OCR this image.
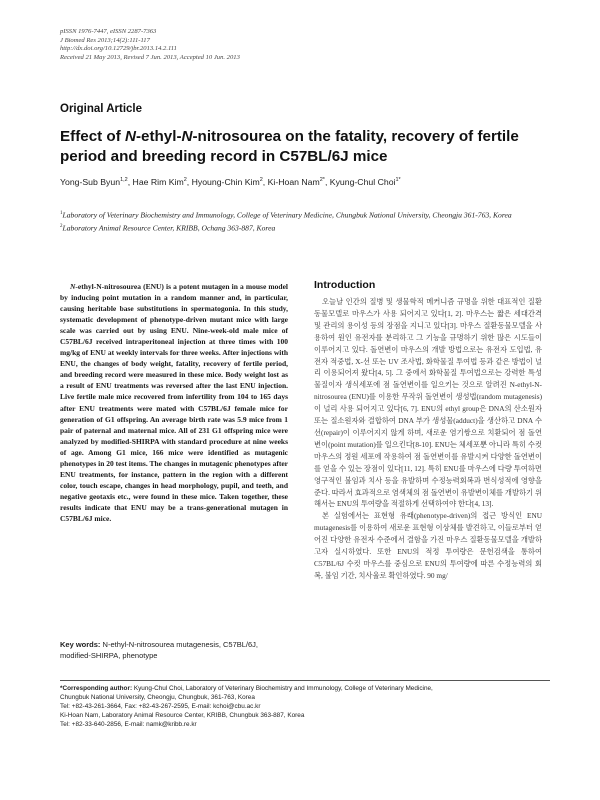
pISSN 1976-7447, eISSN 2287-7363
J Biomed Res 2013;14(2):111-117
http://dx.doi.org/10.12729/jbr.2013.14.2.111
Received 21 May 2013, Revised 7 Jun. 2013, Accepted 10 Jun. 2013
Original Article
Effect of N-ethyl-N-nitrosourea on the fatality, recovery of fertile period and breeding record in C57BL/6J mice
Yong-Sub Byun$^{1,2}$, Hae Rim Kim$^2$, Hyoung-Chin Kim$^2$, Ki-Hoan Nam$^{2*}$, Kyung-Chul Choi$^{1*}$
$^1$Laboratory of Veterinary Biochemistry and Immunology, College of Veterinary Medicine, Chungbuk National University, Cheongju 361-763, Korea
$^2$Laboratory Animal Resource Center, KRIBB, Ochang 363-887, Korea
N-ethyl-N-nitrosourea (ENU) is a potent mutagen in a mouse model by inducing point mutation in a random manner and, in particular, causing heritable base substitutions in spermatogonia. In this study, systematic development of phenotype-driven mutant mice with large scale was carried out by using ENU. Nine-week-old male mice of C57BL/6J received intraperitoneal injection at three times with 100 mg/kg of ENU at weekly intervals for three weeks. After injections with ENU, the changes of body weight, fatality, recovery of fertile period, and breeding record were measured in these mice. Body weight lost as a result of ENU treatments was reversed after the last ENU injection. Live fertile male mice recovered from infertility from 104 to 165 days after ENU treatments were mated with C57BL/6J female mice for generation of G1 offspring. An average birth rate was 5.9 mice from 1 pair of paternal and maternal mice. All of 231 G1 offspring mice were analyzed by modified-SHIRPA with standard procedure at nine weeks of age. Among G1 mice, 166 mice were identified as mutagenic phenotypes in 20 test items. The changes in mutagenic phenotypes after ENU treatments, for instance, pattern in the region with a different color, touch escape, changes in head morphology, pupil, and teeth, and negative geotaxis etc., were found in these mice. Taken together, these results indicate that ENU may be a trans-generational mutagen in C57BL/6J mice.
Key words: N-ethyl-N-nitrosourea mutagenesis, C57BL/6J, modified-SHIRPA, phenotype
Introduction

오늘날 인간의 질병 및 생물학적 메커니즘 규명을 위한 대표적인 질환동물모델로 마우스가 사용 되어지고 있다[1, 2]. 마우스는 짧은 세대간격 및 관리의 용이성 등의 장점을 지니고 있다[3]. 마우스 질환동물모델을 사용하여 원인 유전자를 분리하고 그 기능을 규명하기 위한 많은 시도들이 이루어지고 있다. 돌연변이 마우스의 개발 방법으로는 유전자 도입법, 유전자 적중법, X-선 또는 UV 조사법, 화학물질 투여법 등과 같은 방법이 널리 이용되어져 왔다[4, 5]. 그 중에서 화학물질 투여법으로는 강력한 특성 물질이자 생식세포에 점 돌연변이를 일으키는 것으로 알려진 N-ethyl-N-nitrosourea (ENU)를 이용한 무작위 돌연변이 생성법(random mutagenesis)이 널리 사용 되어지고 있다[6, 7]. ENU의 ethyl group은 DNA의 산소원자 또는 질소원자와 결합하여 DNA 부가 생성물(adduct)을 생산하고 DNA 수선(repair)이 이루어지지 않게 하며, 새로운 염기쌍으로 치환되어 점 돌연변이(point mutation)를 일으킨다[8-10]. ENU는 체세포뿐 아니라 특히 수컷 마우스의 정원 세포에 작용하여 점 돌연변이를 유발시켜 다양한 돌연변이를 얻을 수 있는 장점이 있다[11, 12]. 특히 ENU를 마우스에 다량 투여하면 영구적인 불임과 치사 등을 유발하며 수정능력회복과 번식성적에 영향을 준다. 따라서 효과적으로 염색체의 점 돌연변이 유발변이체를 개발하기 위해서는 ENU의 투여량을 적절하게 선택하여야 한다[4, 13].

본 실험에서는 표현형 유래(phenotype-driven)의 접근 방식인 ENU mutagenesis를 이용하여 새로운 표현형 이상체를 발견하고, 이들로부터 얻어진 다양한 유전자 수준에서 결함을 가진 마우스 질환동물모델을 개발하고자 실시하였다. 또한 ENU의 적정 투여량은 문헌검색을 통하여 C57BL/6J 수컷 마우스를 중심으로 ENU의 투여량에 따른 수정능력의 회복, 불임 기간, 치사율로 확인하였다. 90 mg/

*Corresponding author: Kyung-Chul Choi, Laboratory of Veterinary Biochemistry and Immunology, College of Veterinary Medicine,
Chungbuk National University, Cheongju, Chungbuk, 361-763, Korea
Tel: +82-43-261-3664, Fax: +82-43-267-2595, E-mail: kchoi@cbu.ac.kr
Ki-Hoan Nam, Laboratory Animal Resource Center, KRIBB, Chungbuk 363-887, Korea
Tel: +82-33-640-2856, E-mail: namk@kribb.re.kr
